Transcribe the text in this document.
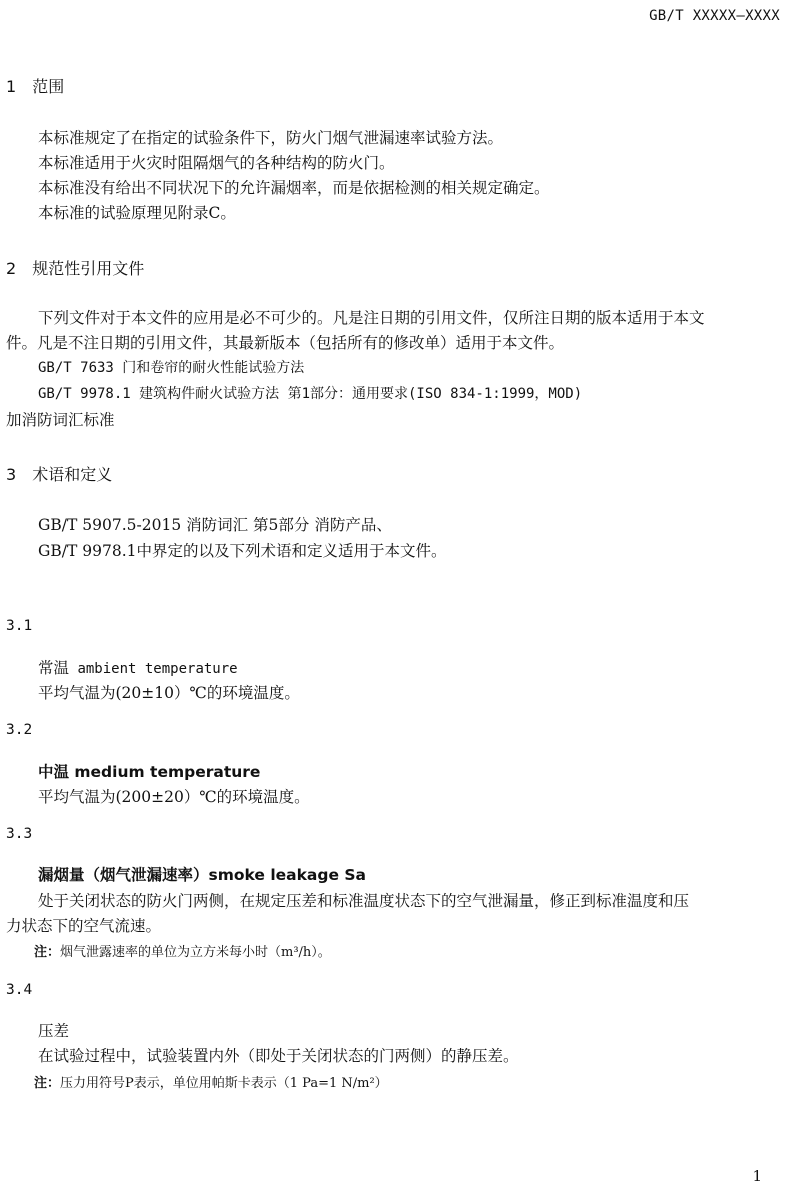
GB/T XXXXX—XXXX
1 范围
本标准规定了在指定的试验条件下，防火门烟气泄漏速率试验方法。
本标准适用于火灾时阻隔烟气的各种结构的防火门。
本标准没有给出不同状况下的允许漏烟率，而是依据检测的相关规定确定。
本标准的试验原理见附录C。
2 规范性引用文件
下列文件对于本文件的应用是必不可少的。凡是注日期的引用文件，仅所注日期的版本适用于本文
件。凡是不注日期的引用文件，其最新版本（包括所有的修改单）适用于本文件。
GB/T 7633 门和卷帘的耐火性能试验方法
GB/T 9978.1 建筑构件耐火试验方法 第1部分：通用要求(ISO 834-1:1999，MOD)
加消防词汇标准
3 术语和定义
GB/T 5907.5-2015 消防词汇 第5部分 消防产品、
GB/T 9978.1中界定的以及下列术语和定义适用于本文件。
3.1
常温 ambient temperature
平均气温为(20±10）℃的环境温度。
3.2
中温 medium temperature
平均气温为(200±20）℃的环境温度。
3.3
漏烟量（烟气泄漏速率）smoke leakage Sa
处于关闭状态的防火门两侧，在规定压差和标准温度状态下的空气泄漏量，修正到标准温度和压
力状态下的空气流速。
注：烟气泄露速率的单位为立方米每小时（m³/h）。
3.4
压差
在试验过程中，试验装置内外（即处于关闭状态的门两侧）的静压差。
注：压力用符号P表示，单位用帕斯卡表示（1 Pa=1 N/m²）
1
